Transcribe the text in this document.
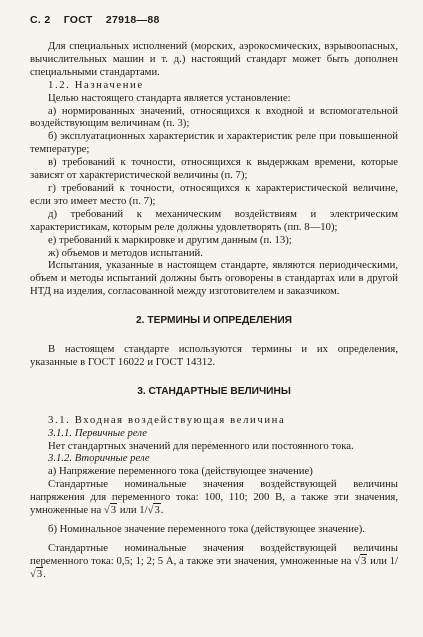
С. 2 ГОСТ 27918—88

Для специальных исполнений (морских, аэрокосмических, взрывоопасных, вычислительных машин и т. д.) настоящий стандарт может быть дополнен специальными стандартами.

1.2. Назначение

Целью настоящего стандарта является установление:

а) нормированных значений, относящихся к входной и вспомогательной воздействующим величинам (п. 3);

б) эксплуатационных характеристик и характеристик реле при повышенной температуре;

в) требований к точности, относящихся к выдержкам времени, которые зависят от характеристической величины (п. 7);

г) требований к точности, относящихся к характеристической величине, если это имеет место (п. 7);

д) требований к механическим воздействиям и электрическим характеристикам, которым реле должны удовлетворять (пп. 8—10);

е) требований к маркировке и другим данным (п. 13);

ж) объемов и методов испытаний.

Испытания, указанные в настоящем стандарте, являются периодическими, объем и методы испытаний должны быть оговорены в стандартах или в другой НТД на изделия, согласованной между изготовителем и заказчиком.

2. ТЕРМИНЫ И ОПРЕДЕЛЕНИЯ

В настоящем стандарте используются термины и их определения, указанные в ГОСТ 16022 и ГОСТ 14312.

3. СТАНДАРТНЫЕ ВЕЛИЧИНЫ

3.1. Входная воздействующая величина

3.1.1. Первичные реле

Нет стандартных значений для переменного или постоянного тока.

3.1.2. Вторичные реле

а) Напряжение переменного тока (действующее значение)

Стандартные номинальные значения воздействующей величины напряжения для переменного тока: 100, 110; 200 В, а также эти значения, умноженные на √3 или 1/√3.

б) Номинальное значение переменного тока (действующее значение).

Стандартные номинальные значения воздействующей величины переменного тока: 0,5; 1; 2; 5 А, а также эти значения, умноженные на √3 или 1/√3.
